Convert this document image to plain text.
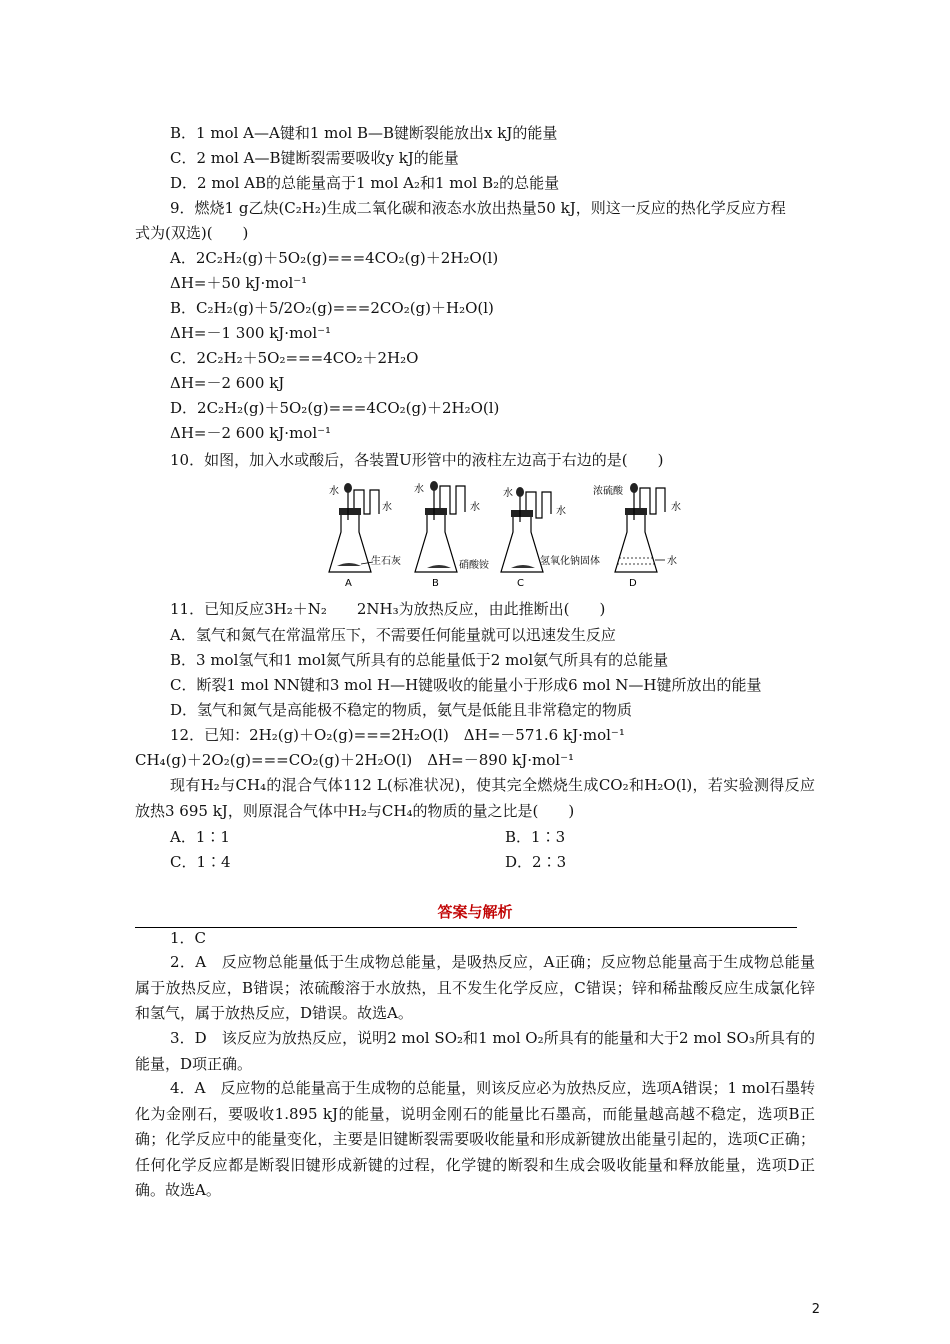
B．1 mol A—A键和1 mol B—B键断裂能放出x kJ的能量
C．2 mol A—B键断裂需要吸收y kJ的能量
D．2 mol AB的总能量高于1 mol A₂和1 mol B₂的总能量
9．燃烧1 g乙炔(C₂H₂)生成二氧化碳和液态水放出热量50 kJ，则这一反应的热化学反应方程
式为(双选)(　　)
A．2C₂H₂(g)＋5O₂(g)===4CO₂(g)＋2H₂O(l)
ΔH=＋50 kJ·mol⁻¹
B．C₂H₂(g)＋5/2O₂(g)===2CO₂(g)＋H₂O(l)
ΔH=－1 300 kJ·mol⁻¹
C．2C₂H₂＋5O₂===4CO₂＋2H₂O
ΔH=－2 600 kJ
D．2C₂H₂(g)＋5O₂(g)===4CO₂(g)＋2H₂O(l)
ΔH=－2 600 kJ·mol⁻¹
10．如图，加入水或酸后，各装置U形管中的液柱左边高于右边的是(　　)
水
水
生石灰
A
水
水
硝酸铵
B
水
水
氢氧化钠固体
C
浓硫酸
水
水
D
11．已知反应3H₂＋N₂　　2NH₃为放热反应，由此推断出(　　)
A．氢气和氮气在常温常压下，不需要任何能量就可以迅速发生反应
B．3 mol氢气和1 mol氮气所具有的总能量低于2 mol氨气所具有的总能量
C．断裂1 mol NN键和3 mol H—H键吸收的能量小于形成6 mol N—H键所放出的能量
D．氢气和氮气是高能极不稳定的物质，氨气是低能且非常稳定的物质
12．已知：2H₂(g)＋O₂(g)===2H₂O(l)　ΔH=－571.6 kJ·mol⁻¹
CH₄(g)＋2O₂(g)===CO₂(g)＋2H₂O(l)　ΔH=－890 kJ·mol⁻¹
现有H₂与CH₄的混合气体112 L(标准状况)，使其完全燃烧生成CO₂和H₂O(l)，若实验测得反应放热3 695 kJ，则原混合气体中H₂与CH₄的物质的量之比是(　　)
A．1∶1	B．1∶3
C．1∶4	D．2∶3
答案与解析
1．C
2．A　反应物总能量低于生成物总能量，是吸热反应，A正确；反应物总能量高于生成物总能量属于放热反应，B错误；浓硫酸溶于水放热，且不发生化学反应，C错误；锌和稀盐酸反应生成氯化锌和氢气，属于放热反应，D错误。故选A。
3．D　该反应为放热反应，说明2 mol SO₂和1 mol O₂所具有的能量和大于2 mol SO₃所具有的能量，D项正确。
4．A　反应物的总能量高于生成物的总能量，则该反应必为放热反应，选项A错误；1 mol石墨转化为金刚石，要吸收1.895 kJ的能量，说明金刚石的能量比石墨高，而能量越高越不稳定，选项B正确；化学反应中的能量变化，主要是旧键断裂需要吸收能量和形成新键放出能量引起的，选项C正确；任何化学反应都是断裂旧键形成新键的过程，化学键的断裂和生成会吸收能量和释放能量，选项D正确。故选A。
2
